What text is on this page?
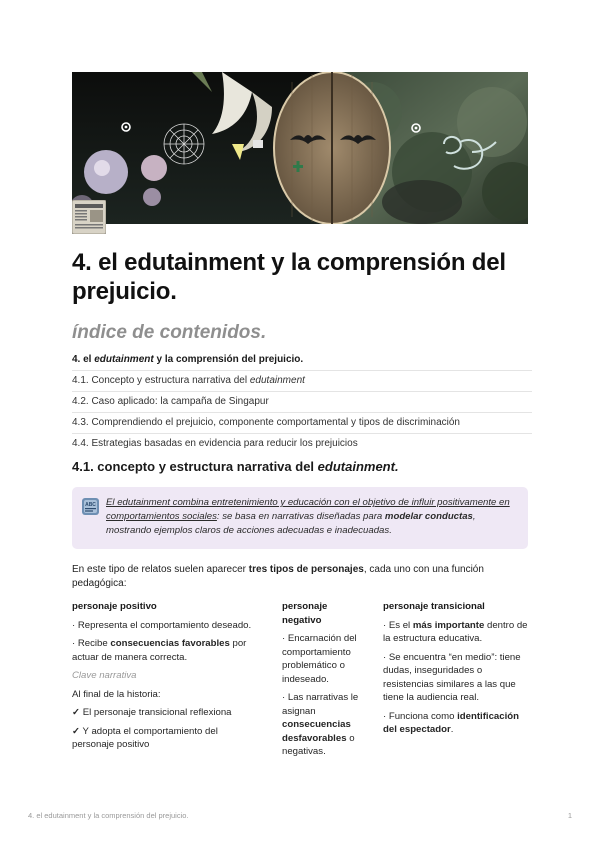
4. el edutainment y la comprensión del prejuicio.
índice de contenidos.
4. el edutainment y la comprensión del prejuicio.
4.1. Concepto y estructura narrativa del edutainment
4.2. Caso aplicado: la campaña de Singapur
4.3. Comprendiendo el prejuicio, componente comportamental y tipos de discriminación
4.4. Estrategias basadas en evidencia para reducir los prejuicios
4.1. concepto y estructura narrativa del edutainment.
ABC El edutainment combina entretenimiento y educación con el objetivo de influir positivamente en comportamientos sociales: se basa en narrativas diseñadas para modelar conductas, mostrando ejemplos claros de acciones adecuadas e inadecuadas.

En este tipo de relatos suelen aparecer tres tipos de personajes, cada uno con una función pedagógica:

personaje positivo

· Representa el comportamiento deseado.

· Recibe consecuencias favorables por actuar de manera correcta.

Clave narrativa

Al final de la historia:

✓ El personaje transicional reflexiona

✓ Y adopta el comportamiento del personaje positivo

personaje negativo

· Encarnación del comportamiento problemático o indeseado.

· Las narrativas le asignan consecuencias desfavorables o negativas.

personaje transicional

· Es el más importante dentro de la estructura educativa.

· Se encuentra “en medio”: tiene dudas, inseguridades o resistencias similares a las que tiene la audiencia real.

· Funciona como identificación del espectador.

4. el edutainment y la comprensión del prejuicio.	1
